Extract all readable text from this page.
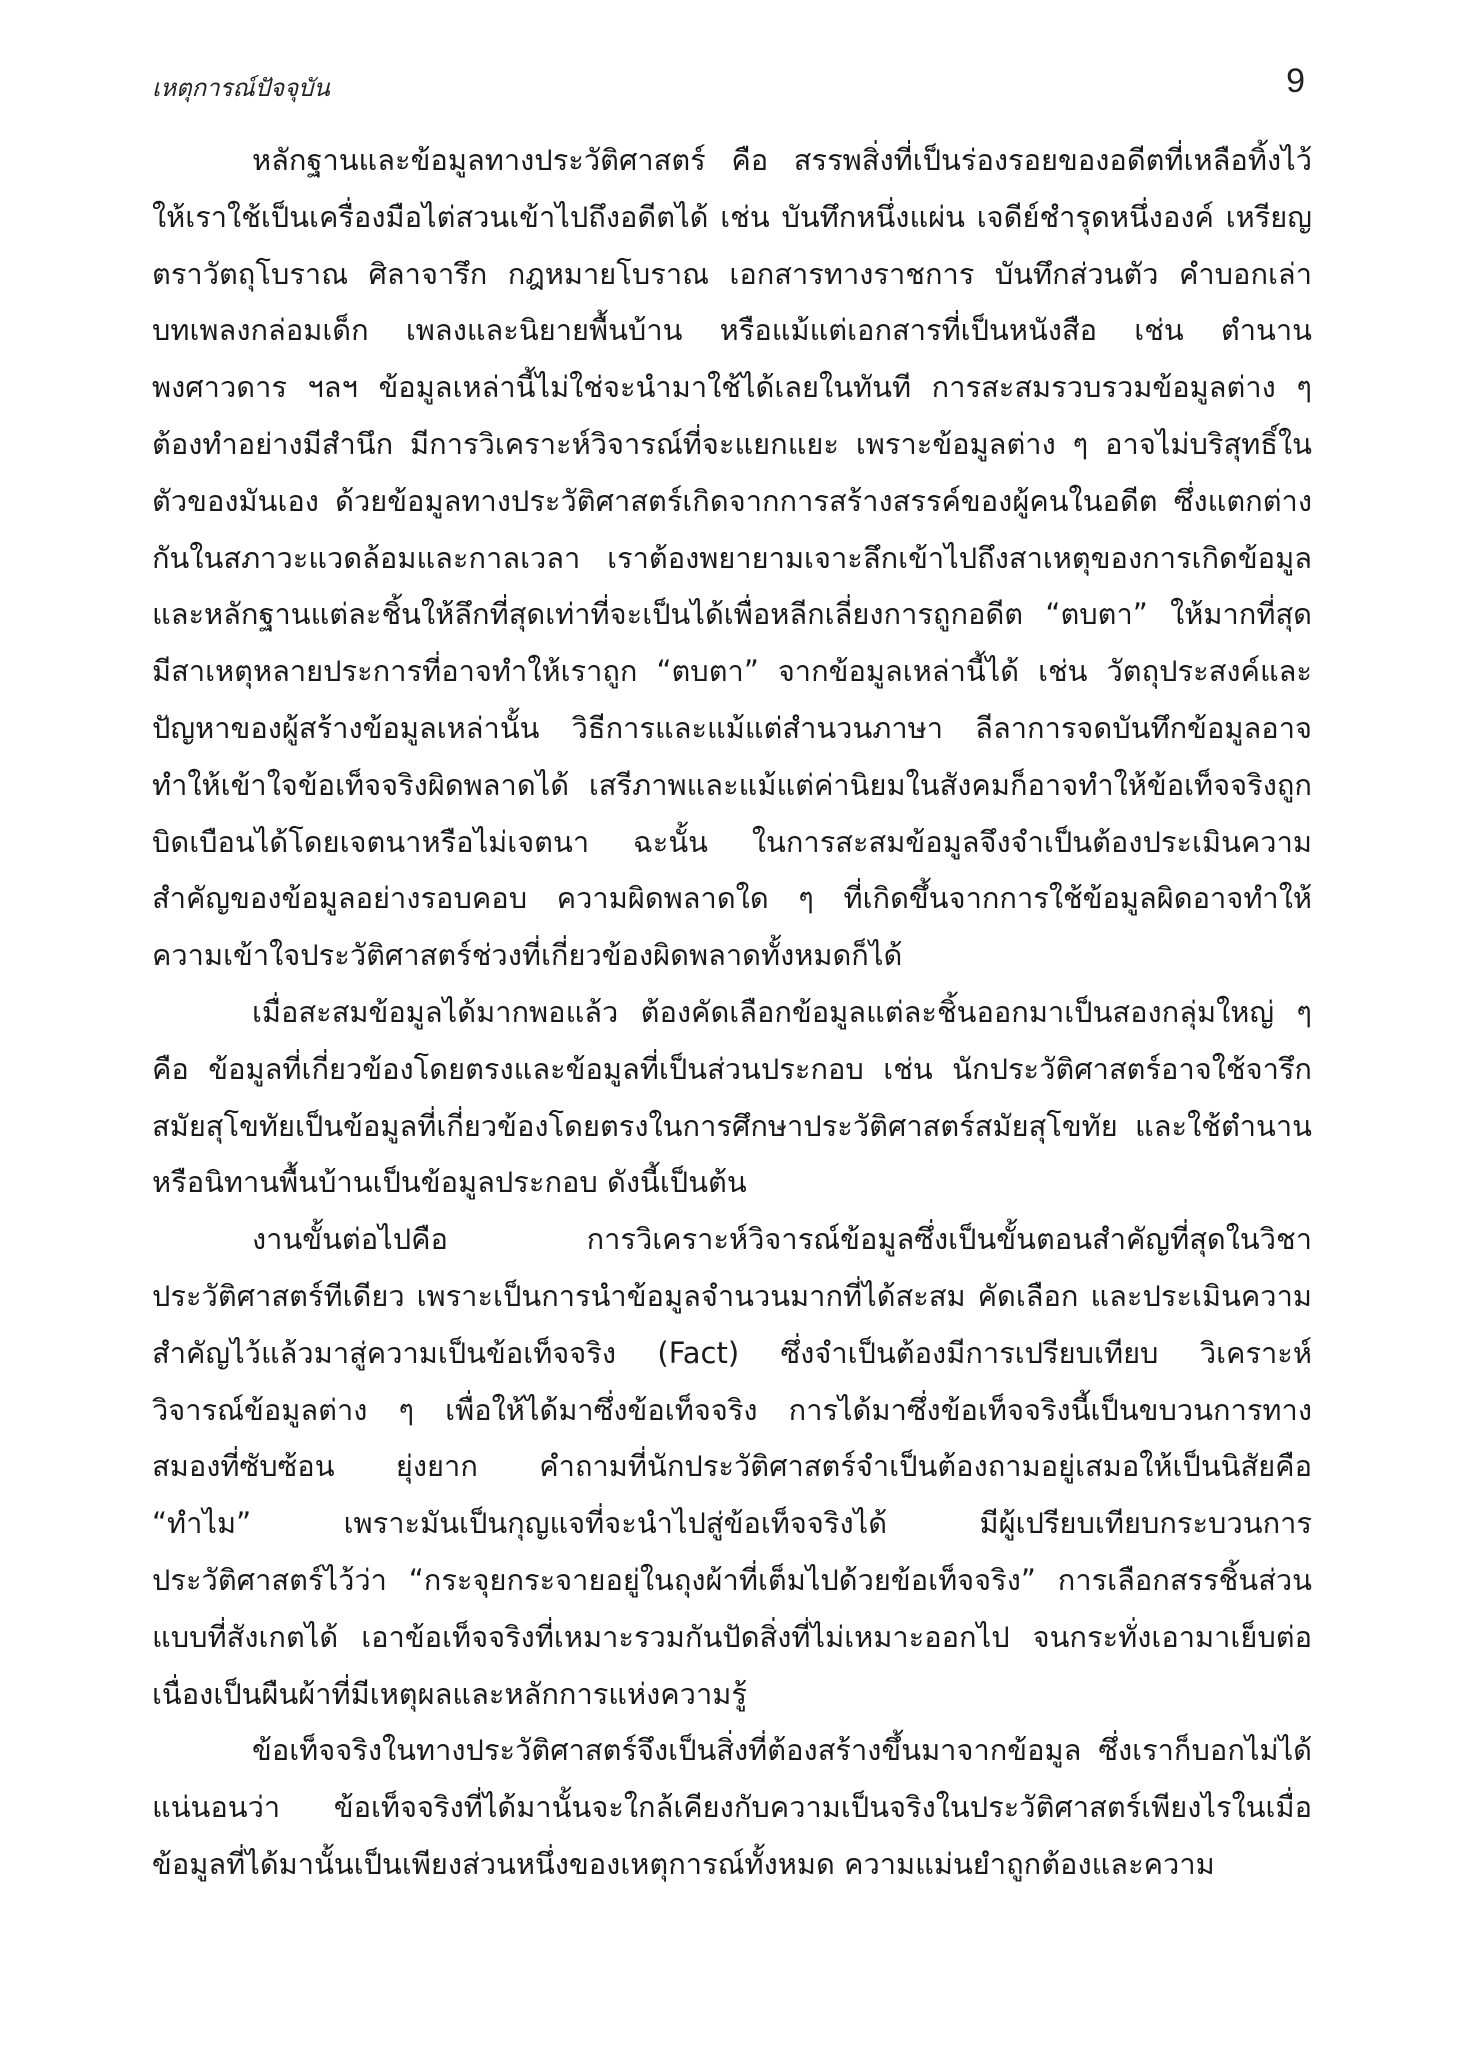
เหตุการณ์ปัจจุบัน	9

หลักฐานและข้อมูลทางประวัติศาสตร์ คือ สรรพสิ่งที่เป็นร่องรอยของอดีตที่เหลือทิ้งไว้ให้เราใช้เป็นเครื่องมือไต่สวนเข้าไปถึงอดีตได้ เช่น บันทึกหนึ่งแผ่น เจดีย์ชำรุดหนึ่งองค์ เหรียญตราวัตถุโบราณ ศิลาจารึก กฎหมายโบราณ เอกสารทางราชการ บันทึกส่วนตัว คำบอกเล่า บทเพลงกล่อมเด็ก เพลงและนิยายพื้นบ้าน หรือแม้แต่เอกสารที่เป็นหนังสือ เช่น ตำนาน พงศาวดาร ฯลฯ ข้อมูลเหล่านี้ไม่ใช่จะนำมาใช้ได้เลยในทันที การสะสมรวบรวมข้อมูลต่าง ๆ ต้องทำอย่างมีสำนึก มีการวิเคราะห์วิจารณ์ที่จะแยกแยะ เพราะข้อมูลต่าง ๆ อาจไม่บริสุทธิ์ในตัวของมันเอง ด้วยข้อมูลทางประวัติศาสตร์เกิดจากการสร้างสรรค์ของผู้คนในอดีต ซึ่งแตกต่างกันในสภาวะแวดล้อมและกาลเวลา เราต้องพยายามเจาะลึกเข้าไปถึงสาเหตุของการเกิดข้อมูลและหลักฐานแต่ละชิ้นให้ลึกที่สุดเท่าที่จะเป็นได้เพื่อหลีกเลี่ยงการถูกอดีต “ตบตา” ให้มากที่สุด มีสาเหตุหลายประการที่อาจทำให้เราถูก “ตบตา” จากข้อมูลเหล่านี้ได้ เช่น วัตถุประสงค์และปัญหาของผู้สร้างข้อมูลเหล่านั้น วิธีการและแม้แต่สำนวนภาษา ลีลาการจดบันทึกข้อมูลอาจทำให้เข้าใจข้อเท็จจริงผิดพลาดได้ เสรีภาพและแม้แต่ค่านิยมในสังคมก็อาจทำให้ข้อเท็จจริงถูกบิดเบือนได้โดยเจตนาหรือไม่เจตนา ฉะนั้น ในการสะสมข้อมูลจึงจำเป็นต้องประเมินความสำคัญของข้อมูลอย่างรอบคอบ ความผิดพลาดใด ๆ ที่เกิดขึ้นจากการใช้ข้อมูลผิดอาจทำให้ความเข้าใจประวัติศาสตร์ช่วงที่เกี่ยวข้องผิดพลาดทั้งหมดก็ได้

เมื่อสะสมข้อมูลได้มากพอแล้ว ต้องคัดเลือกข้อมูลแต่ละชิ้นออกมาเป็นสองกลุ่มใหญ่ ๆ คือ ข้อมูลที่เกี่ยวข้องโดยตรงและข้อมูลที่เป็นส่วนประกอบ เช่น นักประวัติศาสตร์อาจใช้จารึกสมัยสุโขทัยเป็นข้อมูลที่เกี่ยวข้องโดยตรงในการศึกษาประวัติศาสตร์สมัยสุโขทัย และใช้ตำนานหรือนิทานพื้นบ้านเป็นข้อมูลประกอบ ดังนี้เป็นต้น

งานขั้นต่อไปคือ การวิเคราะห์วิจารณ์ข้อมูลซึ่งเป็นขั้นตอนสำคัญที่สุดในวิชาประวัติศาสตร์ทีเดียว เพราะเป็นการนำข้อมูลจำนวนมากที่ได้สะสม คัดเลือก และประเมินความสำคัญไว้แล้วมาสู่ความเป็นข้อเท็จจริง (Fact) ซึ่งจำเป็นต้องมีการเปรียบเทียบ วิเคราะห์ วิจารณ์ข้อมูลต่าง ๆ เพื่อให้ได้มาซึ่งข้อเท็จจริง การได้มาซึ่งข้อเท็จจริงนี้เป็นขบวนการทางสมองที่ซับซ้อน ยุ่งยาก คำถามที่นักประวัติศาสตร์จำเป็นต้องถามอยู่เสมอให้เป็นนิสัยคือ “ทำไม” เพราะมันเป็นกุญแจที่จะนำไปสู่ข้อเท็จจริงได้ มีผู้เปรียบเทียบกระบวนการประวัติศาสตร์ไว้ว่า “กระจุยกระจายอยู่ในถุงผ้าที่เต็มไปด้วยข้อเท็จจริง” การเลือกสรรชิ้นส่วนแบบที่สังเกตได้ เอาข้อเท็จจริงที่เหมาะรวมกันปัดสิ่งที่ไม่เหมาะออกไป จนกระทั่งเอามาเย็บต่อเนื่องเป็นผืนผ้าที่มีเหตุผลและหลักการแห่งความรู้

ข้อเท็จจริงในทางประวัติศาสตร์จึงเป็นสิ่งที่ต้องสร้างขึ้นมาจากข้อมูล ซึ่งเราก็บอกไม่ได้แน่นอนว่า ข้อเท็จจริงที่ได้มานั้นจะใกล้เคียงกับความเป็นจริงในประวัติศาสตร์เพียงไรในเมื่อข้อมูลที่ได้มานั้นเป็นเพียงส่วนหนึ่งของเหตุการณ์ทั้งหมด ความแม่นยำถูกต้องและความ
